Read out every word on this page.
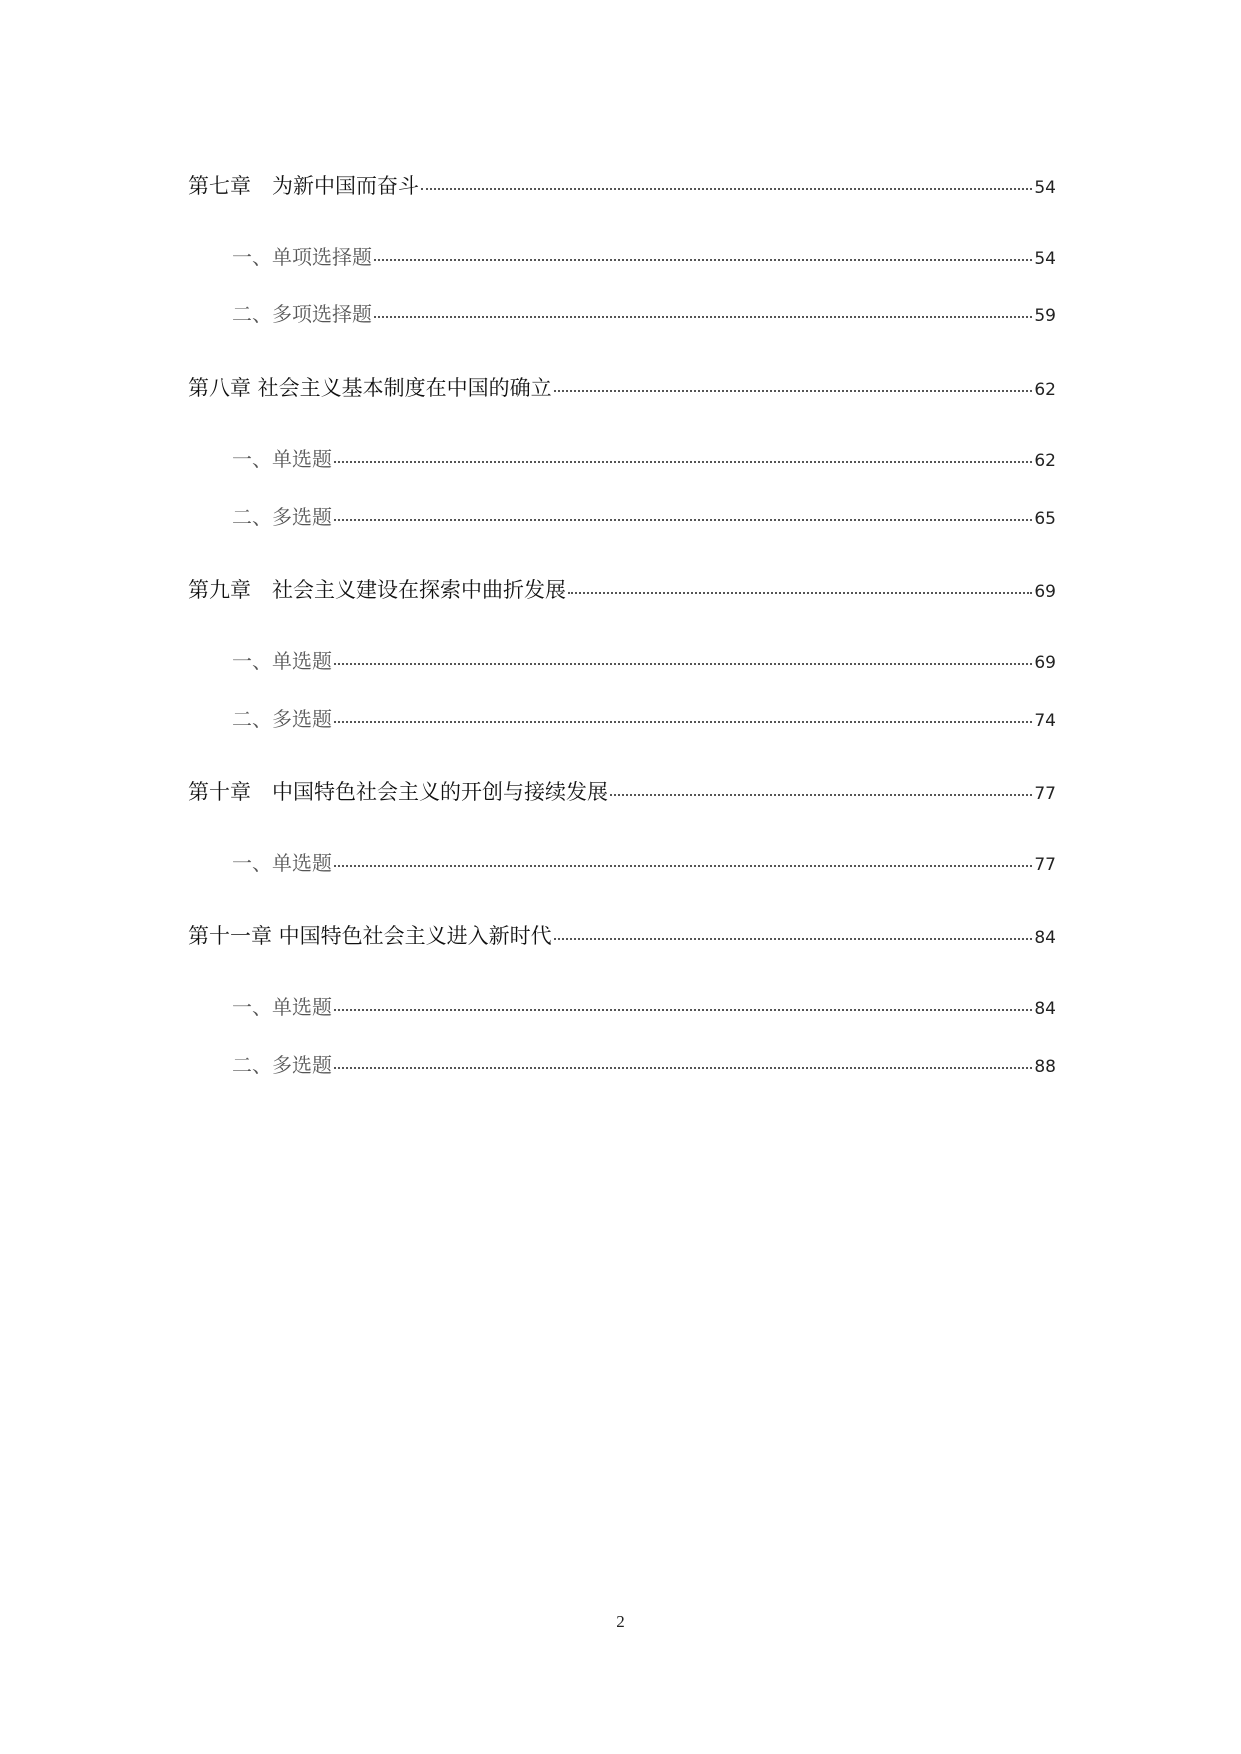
第七章　为新中国而奋斗	54
一、单项选择题	54
二、多项选择题	59
第八章 社会主义基本制度在中国的确立	62
一、单选题	62
二、多选题	65
第九章　社会主义建设在探索中曲折发展	69
一、单选题	69
二、多选题	74
第十章　中国特色社会主义的开创与接续发展	77
一、单选题	77
第十一章 中国特色社会主义进入新时代	84
一、单选题	84
二、多选题	88
2
